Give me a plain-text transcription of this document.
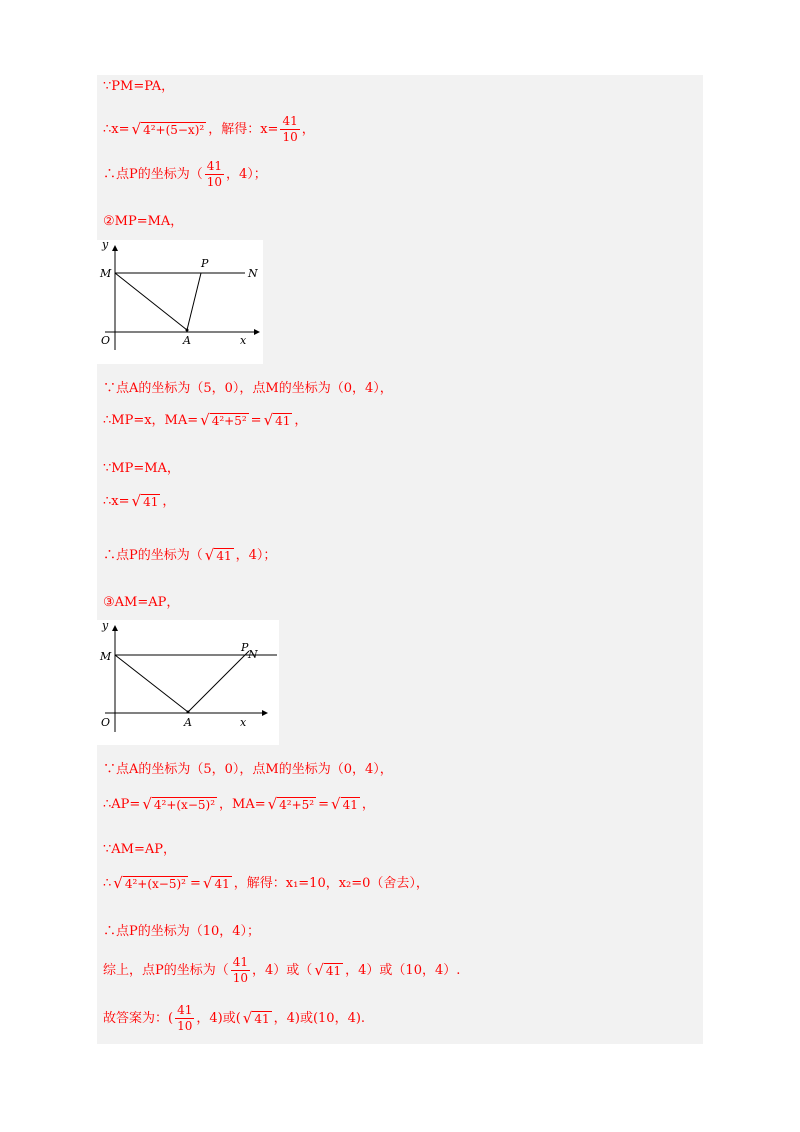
∵PM=PA，
∴x= √ 4²+(5−x)² ，解得：$x= \frac{41}{10}$ ，
∴点P的坐标为（ $\frac{41}{10}$ ，4）；
②MP=MA，
y
M
P
N
O	A	x
∵点A的坐标为（5，0），点M的坐标为（0，4），
∴MP=x，MA= √ 4²+5² = √ 41 ，
∵MP=MA，
∴x= √ 41 ，
∴点P的坐标为（ √ 41 ，4）；
③AM=AP，
y
M
P
N
O	A	x
∵点A的坐标为（5，0），点M的坐标为（0，4），
∴AP= √ 4²+(x−5)² ，MA= √ 4²+5² = √ 41 ，
∵AM=AP，
∴ √ 4²+(x−5)² = √ 41 ，解得：x₁=10，x₂=0（舍去），
∴点P的坐标为（10，4）；
综上，点P的坐标为（ $\frac{41}{10}$ ，4）或（ √ 41 ，4）或（10，4）.
故答案为：( $\frac{41}{10}$ ，4)或( √ 41 ，4)或(10，4).
